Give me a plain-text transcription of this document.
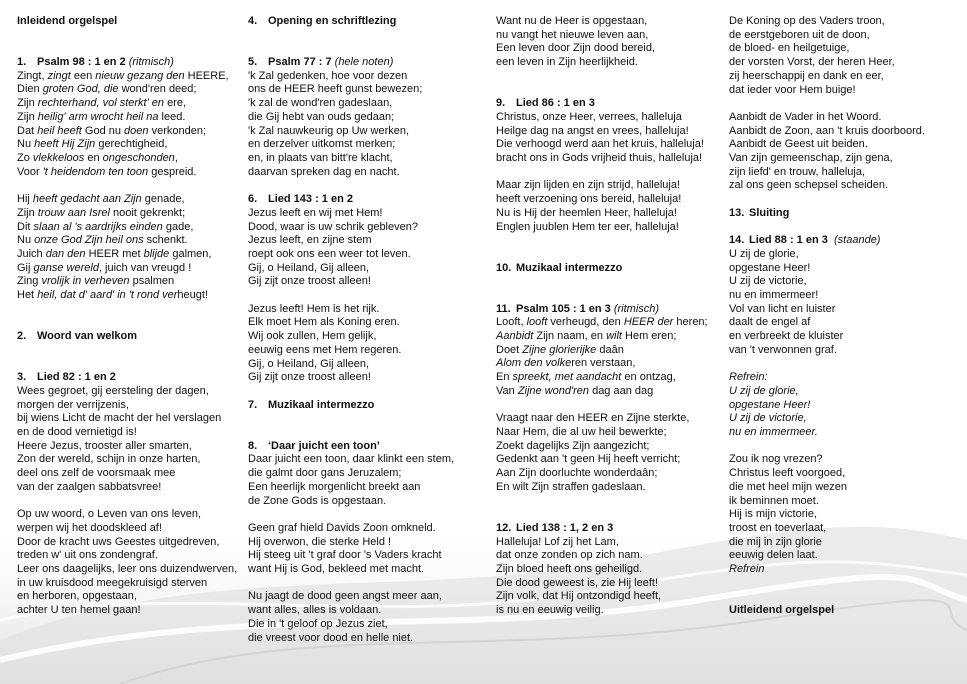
Inleidend orgelspel
1. Psalm 98 : 1 en 2 (ritmisch)
Zingt, zingt een nieuw gezang den HEERE,
Dien groten God, die wond'ren deed;
Zijn rechterhand, vol sterkt' en ere,
Zijn heilig' arm wrocht heil na leed.
Dat heil heeft God nu doen verkonden;
Nu heeft Hij Zijn gerechtigheid,
Zo vlekkeloos en ongeschonden,
Voor 't heidendom ten toon gespreid.
Hij heeft gedacht aan Zijn genade,
Zijn trouw aan Isrel nooit gekrenkt;
Dit slaan al 's aardrijks einden gade,
Nu onze God Zijn heil ons schenkt.
Juich dan den HEER met blijde galmen,
Gij ganse wereld, juich van vreugd !
Zing vrolijk in verheven psalmen
Het heil, dat d' aard' in 't rond verheugt!
2. Woord van welkom
3. Lied 82 : 1 en 2
Wees gegroet, gij eersteling der dagen,
morgen der verrijzenis,
bij wiens Licht de macht der hel verslagen
en de dood vernietigd is!
Heere Jezus, trooster aller smarten,
Zon der wereld, schijn in onze harten,
deel ons zelf de voorsmaak mee
van der zaalgen sabbatsvree!
Op uw woord, o Leven van ons leven,
werpen wij het doodskleed af!
Door de kracht uws Geestes uitgedreven,
treden w' uit ons zondengraf.
Leer ons daagelijks, leer ons duizendwerven,
in uw kruisdood meegekruisigd sterven
en herboren, opgestaan,
achter U ten hemel gaan!
4. Opening en schriftlezing
5. Psalm 77 : 7 (hele noten)
'k Zal gedenken, hoe voor dezen
ons de HEER heeft gunst bewezen;
'k zal de wond'ren gadeslaan,
die Gij hebt van ouds gedaan;
'k Zal nauwkeurig op Uw werken,
en derzelver uitkomst merken;
en, in plaats van bitt're klacht,
daarvan spreken dag en nacht.
6. Lied 143 : 1 en 2
Jezus leeft en wij met Hem!
Dood, waar is uw schrik gebleven?
Jezus leeft, en zijne stem
roept ook ons een weer tot leven.
Gij, o Heiland, Gij alleen,
Gij zijt onze troost alleen!
Jezus leeft! Hem is het rijk.
Elk moet Hem als Koning eren.
Wij ook zullen, Hem gelijk,
eeuwig eens met Hem regeren.
Gij, o Heiland, Gij alleen,
Gij zijt onze troost alleen!
7. Muzikaal intermezzo
8. ‘Daar juicht een toon’
Daar juicht een toon, daar klinkt een stem,
die galmt door gans Jeruzalem;
Een heerlijk morgenlicht breekt aan
de Zone Gods is opgestaan.
Geen graf hield Davids Zoon omkneld.
Hij overwon, die sterke Held !
Hij steeg uit 't graf door 's Vaders kracht
want Hij is God, bekleed met macht.
Nu jaagt de dood geen angst meer aan,
want alles, alles is voldaan.
Die in 't geloof op Jezus ziet,
die vreest voor dood en helle niet.
Want nu de Heer is opgestaan,
nu vangt het nieuwe leven aan,
Een leven door Zijn dood bereid,
een leven in Zijn heerlijkheid.
9. Lied 86 : 1 en 3
Christus, onze Heer, verrees, halleluja
Heilge dag na angst en vrees, halleluja!
Die verhoogd werd aan het kruis, halleluja!
bracht ons in Gods vrijheid thuis, halleluja!
Maar zijn lijden en zijn strijd, halleluja!
heeft verzoening ons bereid, halleluja!
Nu is Hij der heemlen Heer, halleluja!
Englen juublen Hem ter eer, halleluja!
10. Muzikaal intermezzo
11. Psalm 105 : 1 en 3 (ritmisch)
Looft, looft verheugd, den HEER der heren;
Aanbidt Zijn naam, en wilt Hem eren;
Doet Zijne glorierijke daân
Alom den volkeren verstaan,
En spreekt, met aandacht en ontzag,
Van Zijne wond'ren dag aan dag
Vraagt naar den HEER en Zijne sterkte,
Naar Hem, die al uw heil bewerkte;
Zoekt dagelijks Zijn aangezicht;
Gedenkt aan 't geen Hij heeft verricht;
Aan Zijn doorluchte wonderdaân;
En wilt Zijn straffen gadeslaan.
12. Lied 138 : 1, 2 en 3
Halleluja! Lof zij het Lam,
dat onze zonden op zich nam.
Zijn bloed heeft ons geheiligd.
Die dood geweest is, zie Hij leeft!
Zijn volk, dat Hij ontzondigd heeft,
is nu en eeuwig veilig.
De Koning op des Vaders troon,
de eerstgeboren uit de doon,
de bloed- en heilgetuige,
der vorsten Vorst, der heren Heer,
zij heerschappij en dank en eer,
dat ieder voor Hem buige!
Aanbidt de Vader in het Woord.
Aanbidt de Zoon, aan 't kruis doorboord.
Aanbidt de Geest uit beiden.
Van zijn gemeenschap, zijn gena,
zijn liefd' en trouw, halleluja,
zal ons geen schepsel scheiden.
13. Sluiting
14. Lied 88 : 1 en 3 (staande)
U zij de glorie,
opgestane Heer!
U zij de victorie,
nu en immermeer!
Vol van licht en luister
daalt de engel af
en verbreekt de kluister
van 't verwonnen graf.
Refrein:
U zij de glorie,
opgestane Heer!
U zij de victorie,
nu en immermeer.
Zou ik nog vrezen?
Christus leeft voorgoed,
die met heel mijn wezen
ik beminnen moet.
Hij is mijn victorie,
troost en toeverlaat,
die mij in zijn glorie
eeuwig delen laat.
Refrein
Uitleidend orgelspel
